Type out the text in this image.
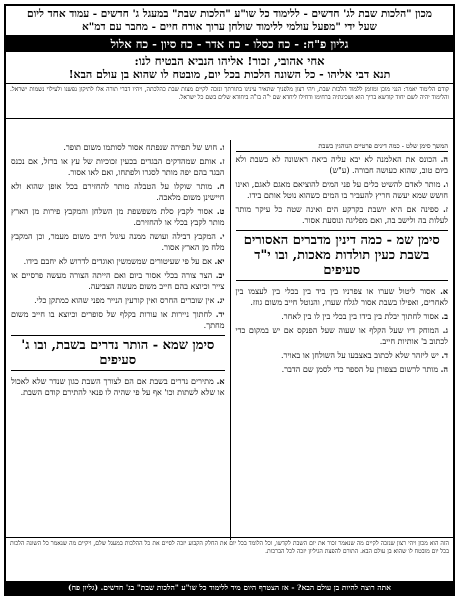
מכון "הלכות שבת לג' חדשים - ללימוד כל שו"ע "הלכות שבת" במעגל ג' חדשים - עמוד אחד ליום
שעל ידי "מפעל עולמי ללימוד שולחן ערוך אורח חיים - מחבר עם דמ"א
גליון פ"ח: - כח כסלו - כח אדר - כח סיון - כח אלול
אחי אהובי, זכור! אליהו הנביא הבטיח לנו:
תנא דבי אליהו - כל השונה הלכות בכל יום, מובטח לו שהוא בן עולם הבא!
קודם הלימוד יאמר: הנני מוכן ומזומן ללמוד הלכות שבת, ויהי רצון מלפניך שתאיר עינינו בתורתך ונזכה לקיים מצות שבת כהלכתה, ויהיו דברי תורה אלו לתיקון נפשנו ולעילוי נשמות ישראל. והלימוד יהיה לשם יחוד קודשא בריך הוא ושכינתיה ברחימו ודחילו ליחדא שם י"ה בו"ה ביחודא שלים בשם כל ישראל.
המשך סימן שלט - כמה דינים פרטיים הנוהגין בשבת

ה. הכונס את האלמנה לא יבא עליה ביאה ראשונה לא בשבת ולא ביום טוב, שהוא כעושה חבורה. (ע"ש)

ו. מותר לאדם להשיט כלים על פני המים להוציאם מאגם לאגם, ואינו חושש שמא יעשה חריץ להעביר בו המים כשהוא נוטל אותם בידו.

ז. ספינה אם היא יושבת בקרקע הים ואינה שטה כל עיקר מותר לעלות בה ולישב בה, ואם מפליגה ונוסעת אסור.

סימן שמ - כמה דינין מדברים האסורים בשבת כעין תולדות מאכות, ובו י"ד סעיפים

א. אסור ליטול שערו או צפרניו בין ביד בין בכלי בין לעצמו בין לאחרים, ואפילו בשבת אסור לגלח שערו, והנוטל חייב משום גוזז.

ב. אסור לחתוך יבלת בין בידו בין בכלי בין לו בין לאחר.

ג. המוחק דיו שעל הקלף או שעוה שעל הפנקס אם יש במקום כדי לכתוב ב' אותיות חייב.

ד. יש ליזהר שלא לכתוב באצבעו על השולחן או באויר.

ה. מותר לרשום בצפורן על הספר כדי לסמן שם הדבר.

ו. חוש של תפירה שנפתח אסור לסותמו משום תופר.

ז. אותם שמהדקים הבגדים בכעין זכוכיות של עץ או ברזל, אם נכנס הבגד בהם יפה מותר לסגרו ולפתחו, ואם לאו אסור.

ח. מותר שוקלו על הטבלה מותר להחזירם בכל אופן שהוא ולא חיישינן משום מלאכה.

ט. אסור לקבץ סלת משפשפת מן השלחן והמקבץ פירות מן הארץ מותר לקבץ בכלי או להחזירם.

י. המקבץ דבילה ועושה ממנה עיגול חייב משום מעמר, וכן המקבץ מלח מן הארץ אסור.

יא. אם על פי שעיטורים שמשמשין ואוגדים לדרוש לא יחבם בידו.

יב. הצר צורה בכלי אסור ביום ואם הייתה הצורה מעשה פרסיים או צייר וכיוצא בהם חייב משום מעשה הצביעה.

יג. אין שוברים החרס ואין קורעין הנייר מפני שהוא כמתקן כלי.

יד. לחתוך ניירות או עורות בקלף של סופרים וכיוצא בו חייב משום מחתך.

סימן שמא - הותר נדרים בשבת, ובו ג' סעיפים

א. מתירים נדרים בשבת אם הם לצורך השבת כגון שנדר שלא לאכול או שלא לשתות וכו' אף על פי שהיה לו פנאי להתירם קודם השבת.

הזה הוא מכון ויהי רצון שנזכה לקיים מה שנאמר זכור את יום השבת לקדשו, וכל הלומד בכל יום את החלק הקבוע יזכה לסיים את כל ההלכות במעגל שלם, ויקיים מה שנאמר כל השונה הלכות בכל יום מובטח לו שהוא בן עולם הבא. התורם להפצת הגיליון יזכה לכל הברכות.
אתה רוצה להיות בן עולם הבא? - אז הצטרף היום מיד ללימוד כל שו"ע "הלכות שבת" בג' חדשים. (גליון פח)
